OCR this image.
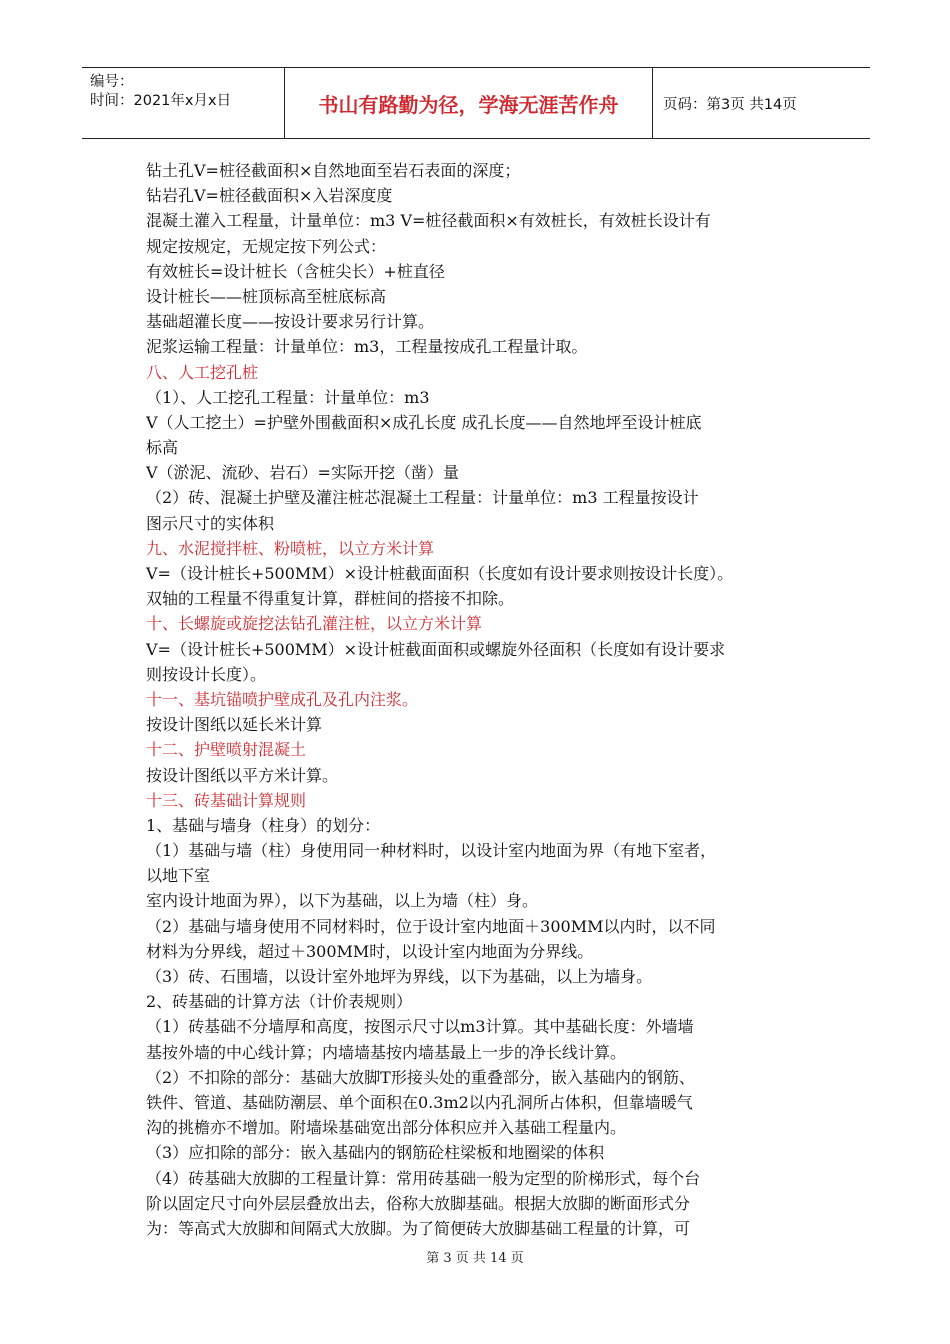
编号：
时间：2021年x月x日	书山有路勤为径，学海无涯苦作舟	页码：第3页 共14页
钻土孔V=桩径截面积×自然地面至岩石表面的深度；
钻岩孔V=桩径截面积×入岩深度度
混凝土灌入工程量，计量单位：m3 V=桩径截面积×有效桩长，有效桩长设计有
规定按规定，无规定按下列公式：
有效桩长=设计桩长（含桩尖长）+桩直径
设计桩长——桩顶标高至桩底标高
基础超灌长度——按设计要求另行计算。
泥浆运输工程量：计量单位：m3，工程量按成孔工程量计取。
八、人工挖孔桩
（1）、人工挖孔工程量：计量单位：m3
V（人工挖土）=护壁外围截面积×成孔长度 成孔长度——自然地坪至设计桩底
标高
V（淤泥、流砂、岩石）=实际开挖（凿）量
（2）砖、混凝土护壁及灌注桩芯混凝土工程量：计量单位：m3 工程量按设计
图示尺寸的实体积
九、水泥搅拌桩、粉喷桩，以立方米计算
V=（设计桩长+500MM）×设计桩截面面积（长度如有设计要求则按设计长度）。
双轴的工程量不得重复计算，群桩间的搭接不扣除。
十、长螺旋或旋挖法钻孔灌注桩，以立方米计算
V=（设计桩长+500MM）×设计桩截面面积或螺旋外径面积（长度如有设计要求
则按设计长度）。
十一、基坑锚喷护壁成孔及孔内注浆。
按设计图纸以延长米计算
十二、护壁喷射混凝土
按设计图纸以平方米计算。
十三、砖基础计算规则
1、基础与墙身（柱身）的划分：
（1）基础与墙（柱）身使用同一种材料时，以设计室内地面为界（有地下室者，
以地下室
室内设计地面为界），以下为基础，以上为墙（柱）身。
（2）基础与墙身使用不同材料时，位于设计室内地面＋300MM以内时，以不同
材料为分界线，超过＋300MM时，以设计室内地面为分界线。
（3）砖、石围墙，以设计室外地坪为界线，以下为基础，以上为墙身。
2、砖基础的计算方法（计价表规则）
（1）砖基础不分墙厚和高度，按图示尺寸以m3计算。其中基础长度：外墙墙
基按外墙的中心线计算；内墙墙基按内墙基最上一步的净长线计算。
（2）不扣除的部分：基础大放脚T形接头处的重叠部分，嵌入基础内的钢筋、
铁件、管道、基础防潮层、单个面积在0.3m2以内孔洞所占体积，但靠墙暖气
沟的挑檐亦不增加。附墙垛基础宽出部分体积应并入基础工程量内。
（3）应扣除的部分：嵌入基础内的钢筋砼柱梁板和地圈梁的体积
（4）砖基础大放脚的工程量计算：常用砖基础一般为定型的阶梯形式，每个台
阶以固定尺寸向外层层叠放出去，俗称大放脚基础。根据大放脚的断面形式分
为：等高式大放脚和间隔式大放脚。为了简便砖大放脚基础工程量的计算，可
第 3 页 共 14 页
